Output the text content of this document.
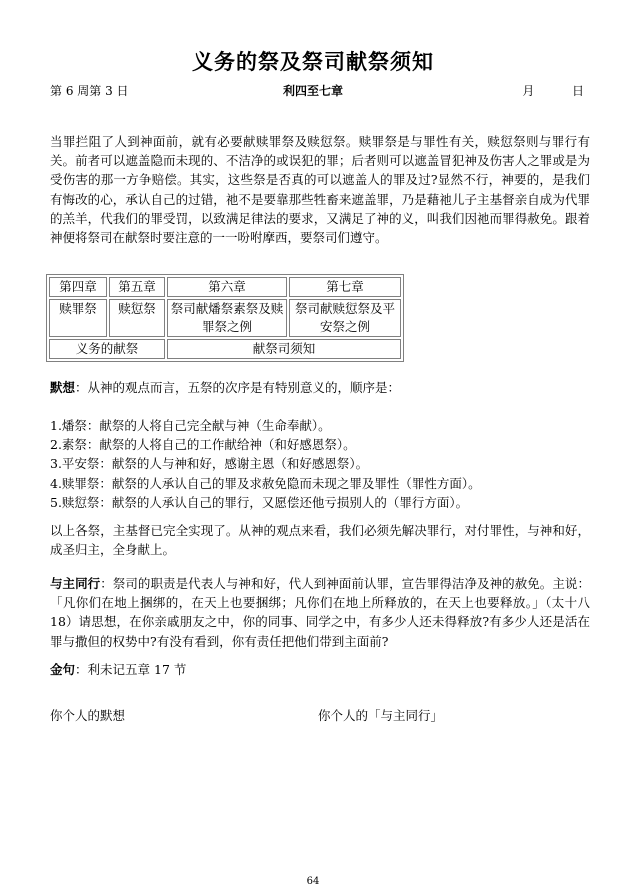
义务的祭及祭司献祭须知
第 6 周第 3 日	利四至七章	月	日
当罪拦阻了人到神面前，就有必要献赎罪祭及赎愆祭。赎罪祭是与罪性有关，赎愆祭则与罪行有关。前者可以遮盖隐而未现的、不洁净的或误犯的罪；后者则可以遮盖冒犯神及伤害人之罪或是为受伤害的那一方争赔偿。其实，这些祭是否真的可以遮盖人的罪及过?显然不行，神要的，是我们有悔改的心，承认自己的过错，祂不是要靠那些牲畜来遮盖罪，乃是藉祂儿子主基督亲自成为代罪的羔羊，代我们的罪受罚，以致满足律法的要求，又满足了神的义，叫我们因祂而罪得赦免。跟着神便将祭司在献祭时要注意的一一吩咐摩西，要祭司们遵守。
第四章	第五章	第六章	第七章
赎罪祭	赎愆祭	祭司献燔祭素祭及赎罪祭之例	祭司献赎愆祭及平安祭之例
义务的献祭		献祭司须知	
默想：从神的观点而言，五祭的次序是有特别意义的，顺序是：
1.燔祭：献祭的人将自己完全献与神（生命奉献）。
2.素祭：献祭的人将自己的工作献给神（和好感恩祭）。
3.平安祭：献祭的人与神和好，感谢主恩（和好感恩祭）。
4.赎罪祭：献祭的人承认自己的罪及求赦免隐而未现之罪及罪性（罪性方面）。
5.赎愆祭：献祭的人承认自己的罪行，又愿偿还他亏损别人的（罪行方面）。
以上各祭，主基督已完全实现了。从神的观点来看，我们必须先解决罪行，对付罪性，与神和好，成圣归主，全身献上。
与主同行：祭司的职责是代表人与神和好，代人到神面前认罪，宣告罪得洁净及神的赦免。主说：「凡你们在地上捆绑的，在天上也要捆绑；凡你们在地上所释放的，在天上也要释放。」（太十八 18）请思想，在你亲戚朋友之中，你的同事、同学之中，有多少人还未得释放?有多少人还是活在罪与撒但的权势中?有没有看到，你有责任把他们带到主面前?
金句：利未记五章 17 节
你个人的默想	你个人的「与主同行」
64
